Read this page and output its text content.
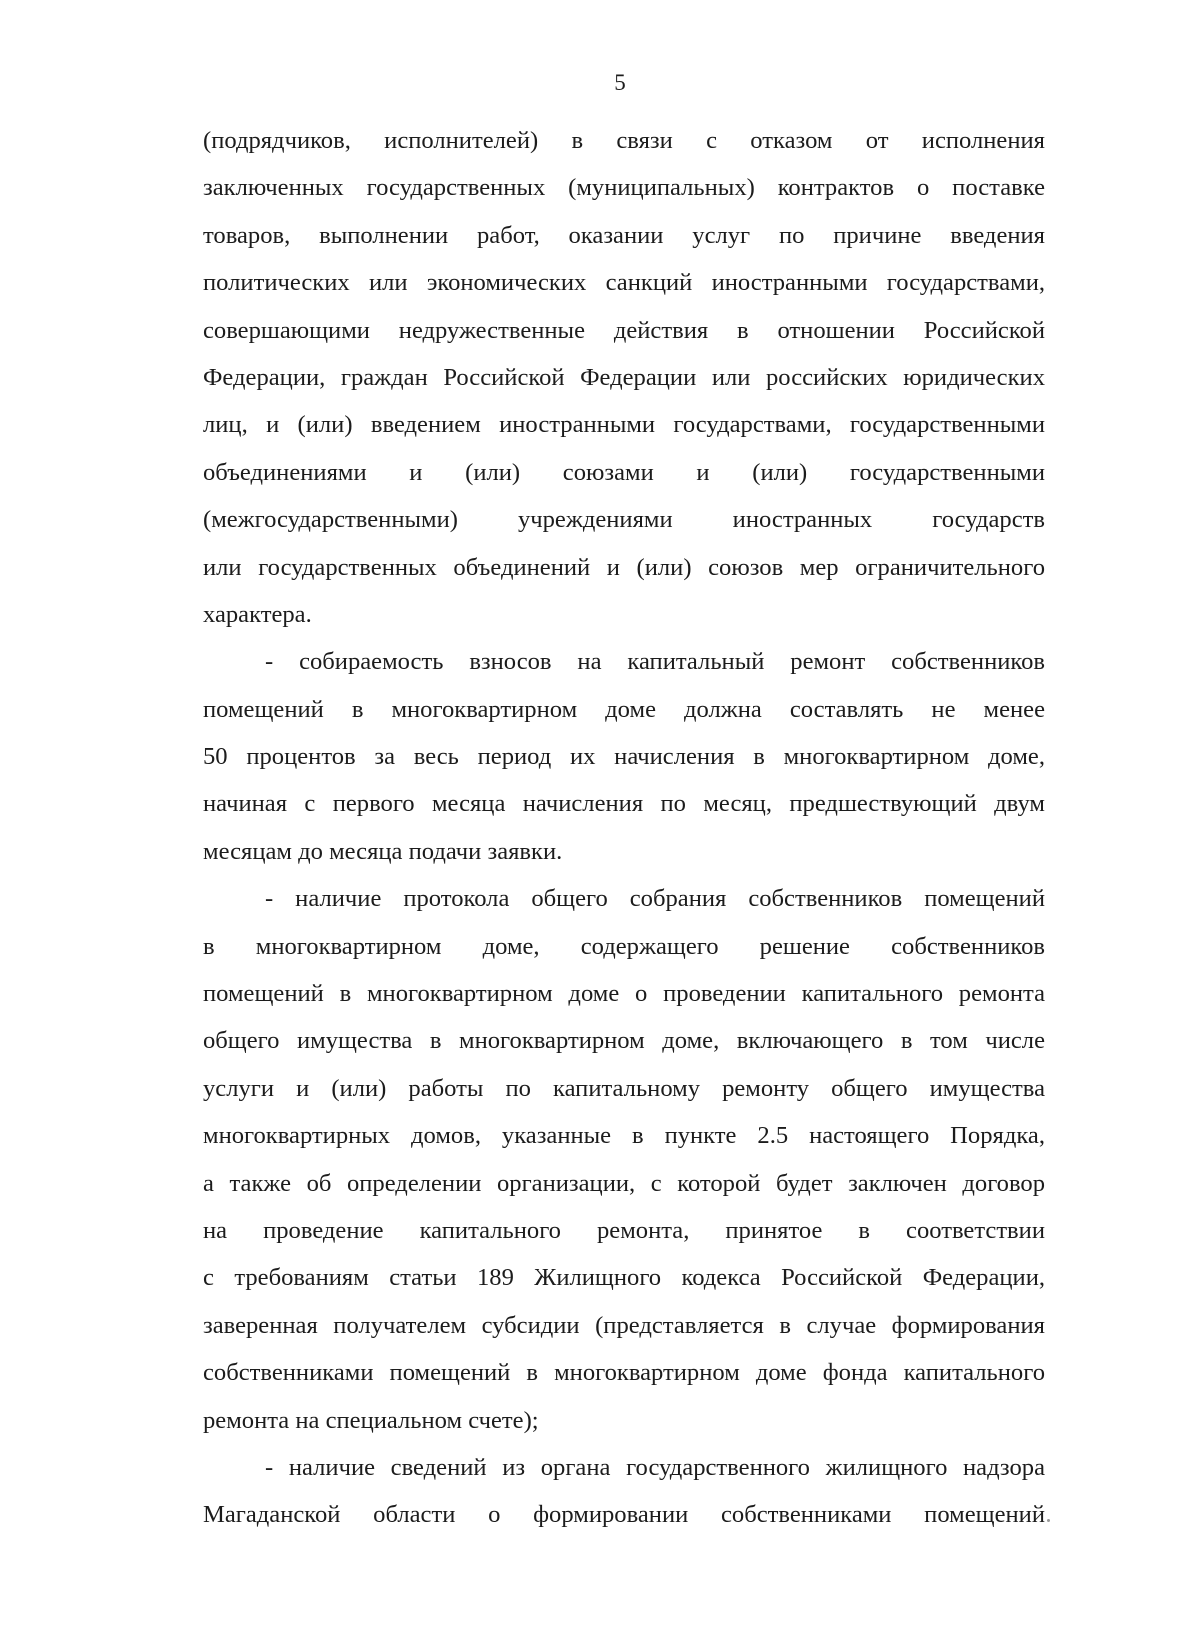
5
(подрядчиков, исполнителей) в связи с отказом от исполнения
заключенных государственных (муниципальных) контрактов о поставке
товаров, выполнении работ, оказании услуг по причине введения
политических или экономических санкций иностранными государствами,
совершающими недружественные действия в отношении Российской
Федерации, граждан Российской Федерации или российских юридических
лиц, и (или) введением иностранными государствами, государственными
объединениями и (или) союзами и (или) государственными
(межгосударственными) учреждениями иностранных государств
или государственных объединений и (или) союзов мер ограничительного
характера.
- собираемость взносов на капитальный ремонт собственников
помещений в многоквартирном доме должна составлять не менее
50 процентов за весь период их начисления в многоквартирном доме,
начиная с первого месяца начисления по месяц, предшествующий двум
месяцам до месяца подачи заявки.
- наличие протокола общего собрания собственников помещений
в многоквартирном доме, содержащего решение собственников
помещений в многоквартирном доме о проведении капитального ремонта
общего имущества в многоквартирном доме, включающего в том числе
услуги и (или) работы по капитальному ремонту общего имущества
многоквартирных домов, указанные в пункте 2.5 настоящего Порядка,
а также об определении организации, с которой будет заключен договор
на проведение капитального ремонта, принятое в соответствии
с требованиям статьи 189 Жилищного кодекса Российской Федерации,
заверенная получателем субсидии (представляется в случае формирования
собственниками помещений в многоквартирном доме фонда капитального
ремонта на специальном счете);
- наличие сведений из органа государственного жилищного надзора
Магаданской области о формировании собственниками помещений
